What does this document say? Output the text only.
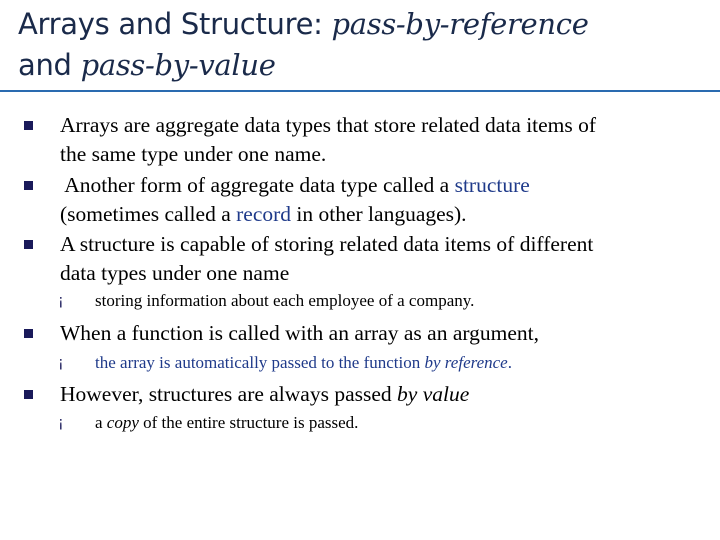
Arrays and Structure: pass-by-reference
and pass-by-value
Arrays are aggregate data types that store related data items of
the same type under one name.
Another form of aggregate data type called a structure
(sometimes called a record in other languages).
A structure is capable of storing related data items of different
data types under one name
¡ storing information about each employee of a company.
When a function is called with an array as an argument,
¡ the array is automatically passed to the function by reference.
However, structures are always passed by value
¡ a copy of the entire structure is passed.
